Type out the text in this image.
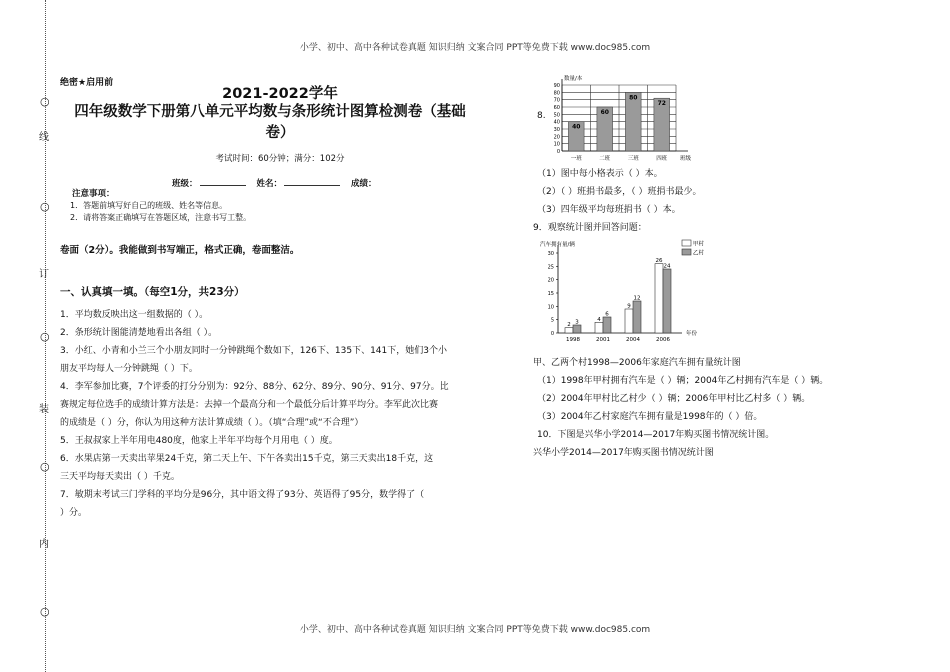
○
线
○
订
○
装
○
内
○
小学、初中、高中各种试卷真题 知识归纳 文案合同 PPT等免费下载 www.doc985.com
小学、初中、高中各种试卷真题 知识归纳 文案合同 PPT等免费下载 www.doc985.com
绝密★启用前
2021-2022学年
四年级数学下册第八单元平均数与条形统计图算检测卷（基础
卷）
考试时间：60分钟；满分：102分
班级：	姓名：	成绩：
注意事项：
1．答题前填写好自己的班级、姓名等信息。
2．请将答案正确填写在答题区域，注意书写工整。
卷面（2分）。我能做到书写端正，格式正确，卷面整洁。
一、认真填一填。（每空1分，共23分）
1．平均数反映出这一组数据的（ ）。
2．条形统计图能清楚地看出各组（ ）。
3．小红、小青和小兰三个小朋友同时一分钟跳绳个数如下，126下、135下、141下，她们3个小
朋友平均每人一分钟跳绳（ ）下。
4．李军参加比赛，7个评委的打分分别为：92分、88分、62分、89分、90分、91分、97分。比
赛规定每位选手的成绩计算方法是：去掉一个最高分和一个最低分后计算平均分。李军此次比赛
的成绩是（ ）分，你认为用这种方法计算成绩（ ）。（填“合理”或“不合理”）
5．王叔叔家上半年用电480度，他家上半年平均每个月用电（ ）度。
6．水果店第一天卖出苹果24千克，第二天上午、下午各卖出15千克，第三天卖出18千克，这
三天平均每天卖出（ ）千克。
7．敏期末考试三门学科的平均分是96分，其中语文得了93分、英语得了95分，数学得了（
）分。
8.
0
10
20
30
40
50
60
70
80
90
数量/本
班级
40
一班
60
二班
80
三班
72
四班
（1）图中每小格表示（ ）本。
（2）（ ）班捐书最多，（ ）班捐书最少。
（3）四年级平均每班捐书（ ）本。
9．观察统计图并回答问题：
0
5
10
15
20
25
30
汽车拥有量/辆
年份
2 3
1998
4
6
2001
9
12
2004
26
24
2006
甲村
乙村
甲、乙两个村1998—2006年家庭汽车拥有量统计图
（1）1998年甲村拥有汽车是（ ）辆；2004年乙村拥有汽车是（ ）辆。
（2）2004年甲村比乙村少（ ）辆；2006年甲村比乙村多（ ）辆。
（3）2004年乙村家庭汽车拥有量是1998年的（ ）倍。
10．下图是兴华小学2014—2017年购买图书情况统计图。
兴华小学2014—2017年购买图书情况统计图
